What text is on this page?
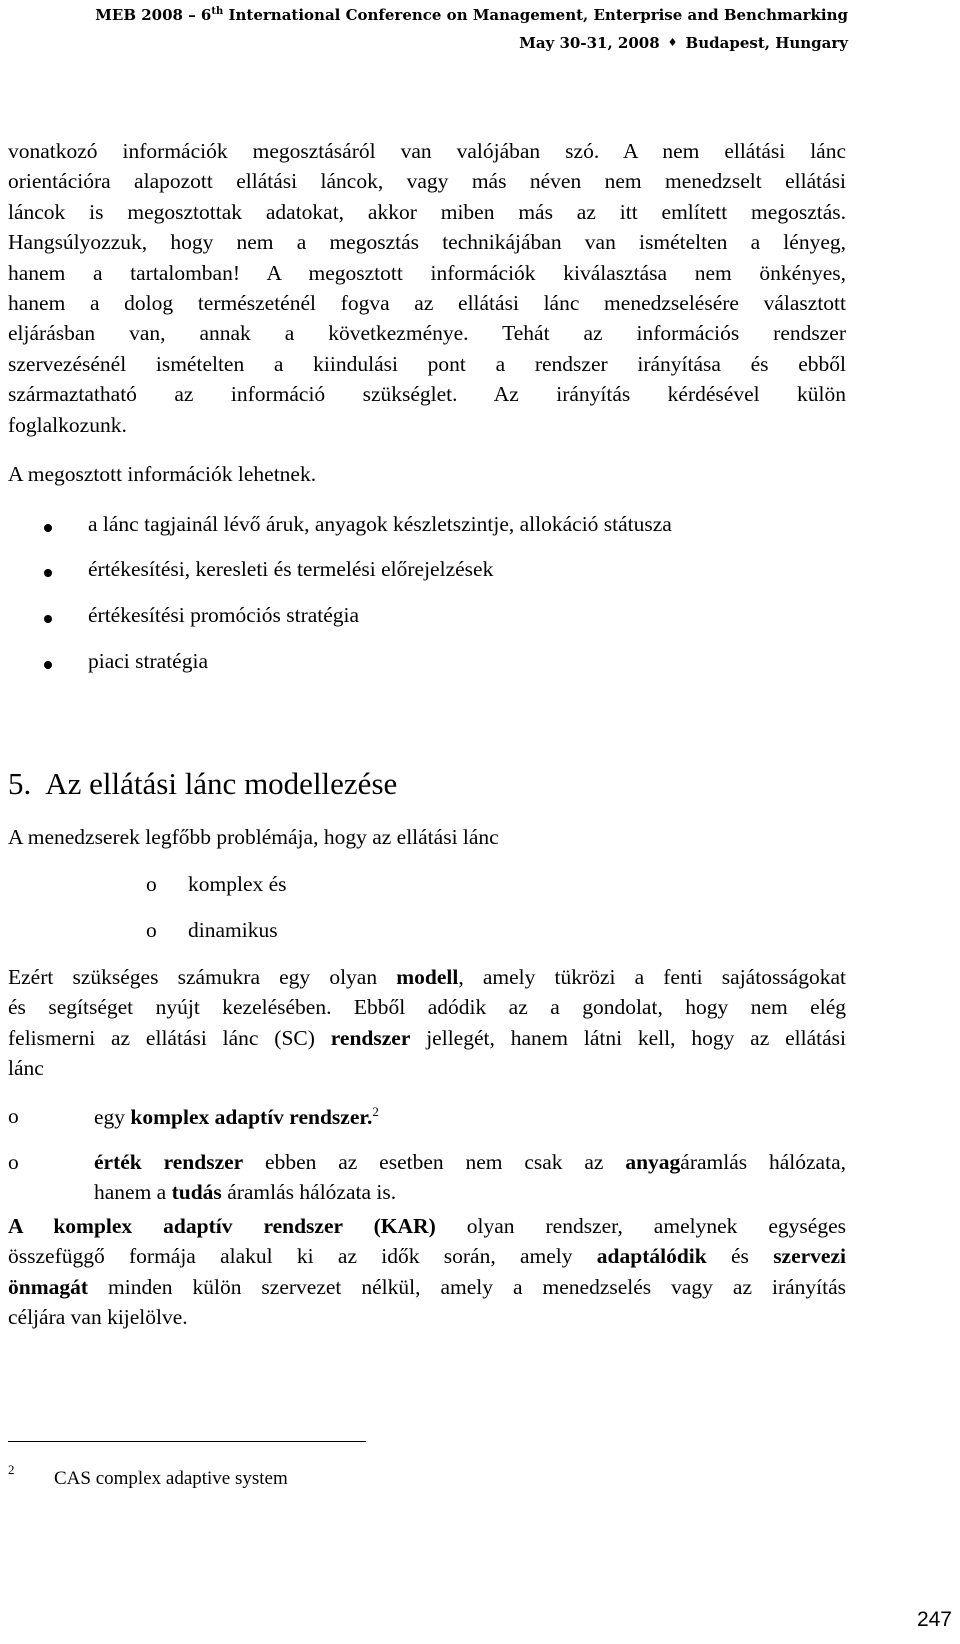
MEB 2008 – 6th International Conference on Management, Enterprise and Benchmarking
May 30-31, 2008 ♦ Budapest, Hungary

vonatkozó információk megosztásáról van valójában szó. A nem ellátási lánc

orientációra alapozott ellátási láncok, vagy más néven nem menedzselt ellátási

láncok is megosztottak adatokat, akkor miben más az itt említett megosztás.

Hangsúlyozzuk, hogy nem a megosztás technikájában van ismételten a lényeg,

hanem a tartalomban! A megosztott információk kiválasztása nem önkényes,

hanem a dolog természeténél fogva az ellátási lánc menedzselésére választott

eljárásban van, annak a következménye. Tehát az információs rendszer

szervezésénél ismételten a kiindulási pont a rendszer irányítása és ebből

származtatható az információ szükséglet. Az irányítás kérdésével külön

foglalkozunk.

A megosztott információk lehetnek.
a lánc tagjainál lévő áruk, anyagok készletszintje, allokáció státusza
értékesítési, keresleti és termelési előrejelzések
értékesítési promóciós stratégia
piaci stratégia
5. Az ellátási lánc modellezése
A menedzserek legfőbb problémája, hogy az ellátási lánc
o komplex és
o dinamikus

Ezért szükséges számukra egy olyan modell, amely tükrözi a fenti sajátosságokat

és segítséget nyújt kezelésében. Ebből adódik az a gondolat, hogy nem elég

felismerni az ellátási lánc (SC) rendszer jellegét, hanem látni kell, hogy az ellátási

lánc

o	egy komplex adaptív rendszer.$^2$
o	érték rendszer ebben az esetben nem csak az anyagáramlás hálózata,
hanem a tudás áramlás hálózata is.

A komplex adaptív rendszer (KAR) olyan rendszer, amelynek egységes

összefüggő formája alakul ki az idők során, amely adaptálódik és szervezi

önmagát minden külön szervezet nélkül, amely a menedzselés vagy az irányítás

céljára van kijelölve.

2 CAS complex adaptive system
247
